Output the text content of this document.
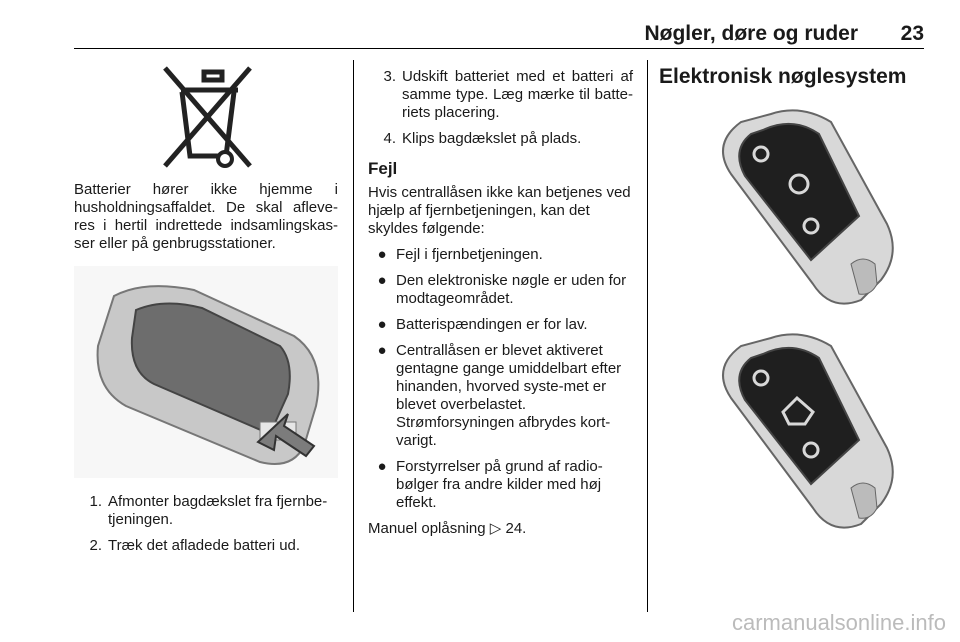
Nøgler, døre og ruder 23

Batterier hører ikke hjemme i husholdningsaffaldet. De skal afleve-res i hertil indrettede indsamlingskas-ser eller på genbrugsstationer.

1. Afmonter bagdækslet fra fjernbe-tjeningen.
2. Træk det afladede batteri ud.
3. Udskift batteriet med et batteri af samme type. Læg mærke til batte-riets placering.
4. Klips bagdækslet på plads.

Fejl

Hvis centrallåsen ikke kan betjenes ved hjælp af fjernbetjeningen, kan det skyldes følgende:

● Fejl i fjernbetjeningen.
● Den elektroniske nøgle er uden for modtageområdet.
● Batterispændingen er for lav.
● Centrallåsen er blevet aktiveret gentagne gange umiddelbart efter hinanden, hvorved syste-met er blevet overbelastet. Strømforsyningen afbrydes kort-varigt.
● Forstyrrelser på grund af radio-bølger fra andre kilder med høj effekt.

Manuel oplåsning ▷ 24.

Elektronisk nøglesystem

carmanualsonline.info
